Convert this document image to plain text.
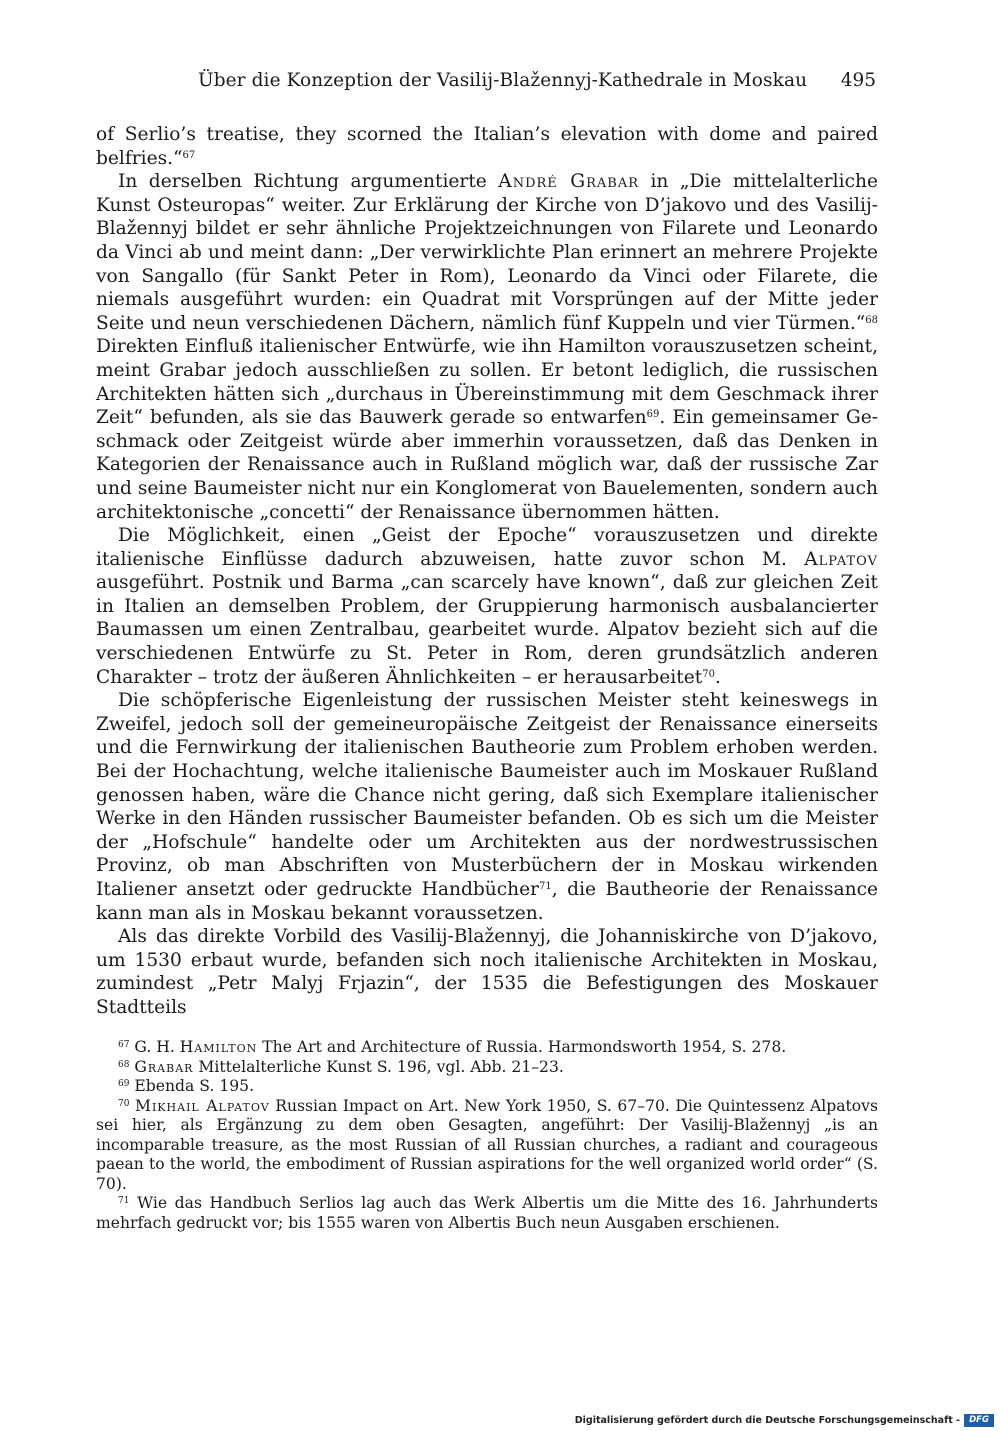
Über die Konzeption der Vasilij-Blažennyj-Kathedrale in Moskau 495

of Serlio’s treatise, they scorned the Italian’s elevation with dome and paired belfries.“$^{67}$

In derselben Richtung argumentierte André Grabar in „Die mittelalterliche Kunst Osteuropas“ weiter. Zur Erklärung der Kirche von D’jakovo und des Vasilij-Blažennyj bildet er sehr ähnliche Projektzeichnungen von Filarete und Leonardo da Vinci ab und meint dann: „Der verwirklichte Plan erinnert an mehrere Projekte von Sangallo (für Sankt Peter in Rom), Leonardo da Vinci oder Filarete, die niemals ausgeführt wurden: ein Quadrat mit Vorsprüngen auf der Mitte jeder Seite und neun verschiedenen Dächern, nämlich fünf Kuppeln und vier Türmen.“$^{68}$ Direkten Einfluß italienischer Entwürfe, wie ihn Hamilton vorauszusetzen scheint, meint Grabar jedoch ausschließen zu sollen. Er betont lediglich, die russischen Architekten hätten sich „durchaus in Übereinstimmung mit dem Geschmack ihrer Zeit“ befunden, als sie das Bauwerk gerade so entwarfen$^{69}$. Ein gemeinsamer Geschmack oder Zeitgeist würde aber immerhin voraussetzen, daß das Denken in Kategorien der Renaissance auch in Rußland möglich war, daß der russische Zar und seine Baumeister nicht nur ein Konglomerat von Bauelementen, sondern auch architektonische „concetti“ der Renaissance übernommen hätten.

Die Möglichkeit, einen „Geist der Epoche“ vorauszusetzen und direkte italienische Einflüsse dadurch abzuweisen, hatte zuvor schon M. Alpatov ausgeführt. Postnik und Barma „can scarcely have known“, daß zur gleichen Zeit in Italien an demselben Problem, der Gruppierung harmonisch ausbalancierter Baumassen um einen Zentralbau, gearbeitet wurde. Alpatov bezieht sich auf die verschiedenen Entwürfe zu St. Peter in Rom, deren grundsätzlich anderen Charakter – trotz der äußeren Ähnlichkeiten – er herausarbeitet$^{70}$.

Die schöpferische Eigenleistung der russischen Meister steht keineswegs in Zweifel, jedoch soll der gemeineuropäische Zeitgeist der Renaissance einerseits und die Fernwirkung der italienischen Bautheorie zum Problem erhoben werden. Bei der Hochachtung, welche italienische Baumeister auch im Moskauer Rußland genossen haben, wäre die Chance nicht gering, daß sich Exemplare italienischer Werke in den Händen russischer Baumeister befanden. Ob es sich um die Meister der „Hofschule“ handelte oder um Architekten aus der nordwestrussischen Provinz, ob man Abschriften von Musterbüchern der in Moskau wirkenden Italiener ansetzt oder gedruckte Handbücher$^{71}$, die Bautheorie der Renaissance kann man als in Moskau bekannt voraussetzen.

Als das direkte Vorbild des Vasilij-Blažennyj, die Johanniskirche von D’jakovo, um 1530 erbaut wurde, befanden sich noch italienische Architekten in Moskau, zumindest „Petr Malyj Frjazin“, der 1535 die Befestigungen des Moskauer Stadtteils

$^{67}$ G. H. Hamilton The Art and Architecture of Russia. Harmondsworth 1954, S. 278.

$^{68}$ Grabar Mittelalterliche Kunst S. 196, vgl. Abb. 21–23.

$^{69}$ Ebenda S. 195.

$^{70}$ Mikhail Alpatov Russian Impact on Art. New York 1950, S. 67–70. Die Quintessenz Alpatovs sei hier, als Ergänzung zu dem oben Gesagten, angeführt: Der Vasilij-Blažennyj „is an incomparable treasure, as the most Russian of all Russian churches, a radiant and courageous paean to the world, the embodiment of Russian aspirations for the well organized world order“ (S. 70).

$^{71}$ Wie das Handbuch Serlios lag auch das Werk Albertis um die Mitte des 16. Jahrhunderts mehrfach gedruckt vor; bis 1555 waren von Albertis Buch neun Ausgaben erschienen.

Digitalisierung gefördert durch die Deutsche Forschungsgemeinschaft -	DFG
